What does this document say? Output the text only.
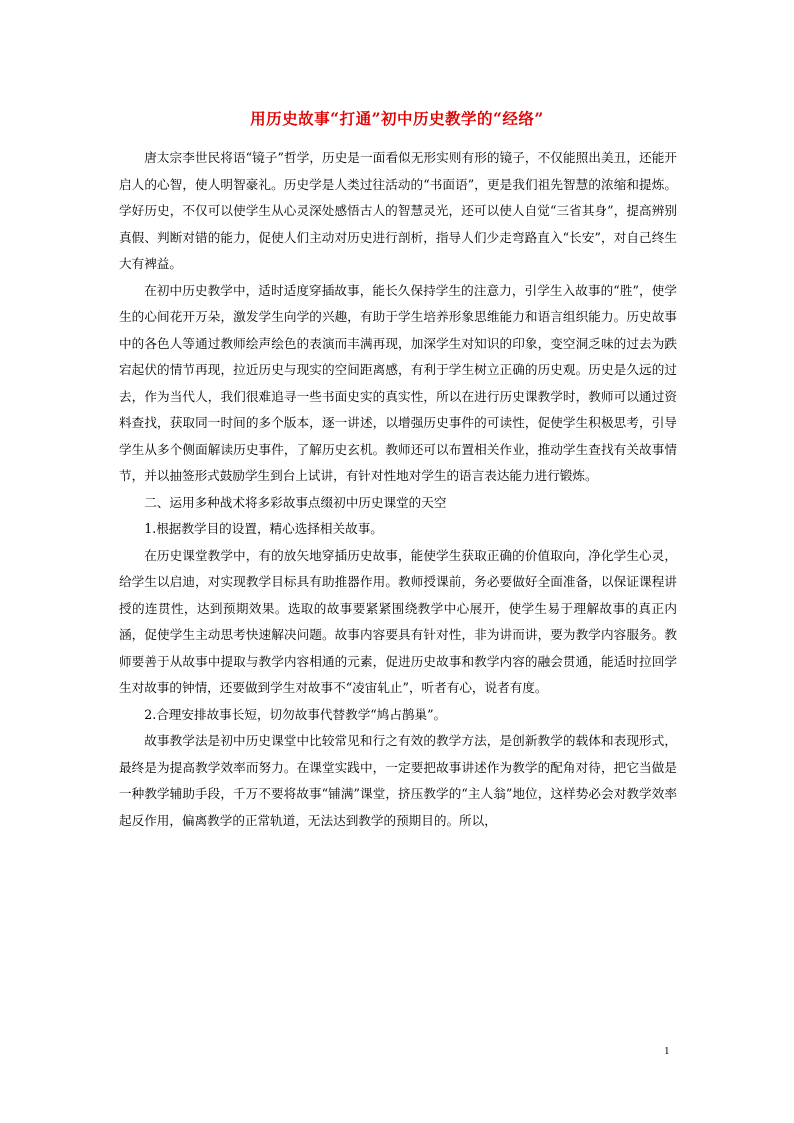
用历史故事“打通”初中历史教学的“经络”

唐太宗李世民将语“镜子”哲学，历史是一面看似无形实则有形的镜子，不仅能照出美丑，还能开启人的心智，使人明智豪礼。历史学是人类过往活动的“书面语”，更是我们祖先智慧的浓缩和提炼。学好历史，不仅可以使学生从心灵深处感悟古人的智慧灵光，还可以使人自觉“三省其身”，提高辨别真假、判断对错的能力，促使人们主动对历史进行剖析，指导人们少走弯路直入“长安”，对自己终生大有裨益。

在初中历史教学中，适时适度穿插故事，能长久保持学生的注意力，引学生入故事的“胜”，使学生的心间花开万朵，激发学生向学的兴趣，有助于学生培养形象思维能力和语言组织能力。历史故事中的各色人等通过教师绘声绘色的表演而丰满再现，加深学生对知识的印象，变空洞乏味的过去为跌宕起伏的情节再现，拉近历史与现实的空间距离感，有利于学生树立正确的历史观。历史是久远的过去，作为当代人，我们很难追寻一些书面史实的真实性，所以在进行历史课教学时，教师可以通过资料查找，获取同一时间的多个版本，逐一讲述，以增强历史事件的可读性，促使学生积极思考，引导学生从多个侧面解读历史事件，了解历史玄机。教师还可以布置相关作业，推动学生查找有关故事情节，并以抽签形式鼓励学生到台上试讲，有针对性地对学生的语言表达能力进行锻炼。

二、运用多种战术将多彩故事点缀初中历史课堂的天空

1.根据教学目的设置，精心选择相关故事。

在历史课堂教学中，有的放矢地穿插历史故事，能使学生获取正确的价值取向，净化学生心灵，给学生以启迪，对实现教学目标具有助推器作用。教师授课前，务必要做好全面准备，以保证课程讲授的连贯性，达到预期效果。选取的故事要紧紧围绕教学中心展开，使学生易于理解故事的真正内涵，促使学生主动思考快速解决问题。故事内容要具有针对性，非为讲而讲，要为教学内容服务。教师要善于从故事中提取与教学内容相通的元素，促进历史故事和教学内容的融会贯通，能适时拉回学生对故事的钟情，还要做到学生对故事不“凌宙轧止”，听者有心，说者有度。

2.合理安排故事长短，切勿故事代替教学“鸠占鹊巢”。

故事教学法是初中历史课堂中比较常见和行之有效的教学方法，是创新教学的载体和表现形式，最终是为提高教学效率而努力。在课堂实践中，一定要把故事讲述作为教学的配角对待，把它当做是一种教学辅助手段，千万不要将故事“铺满”课堂，挤压教学的“主人翁”地位，这样势必会对教学效率起反作用，偏离教学的正常轨道，无法达到教学的预期目的。所以，

1
